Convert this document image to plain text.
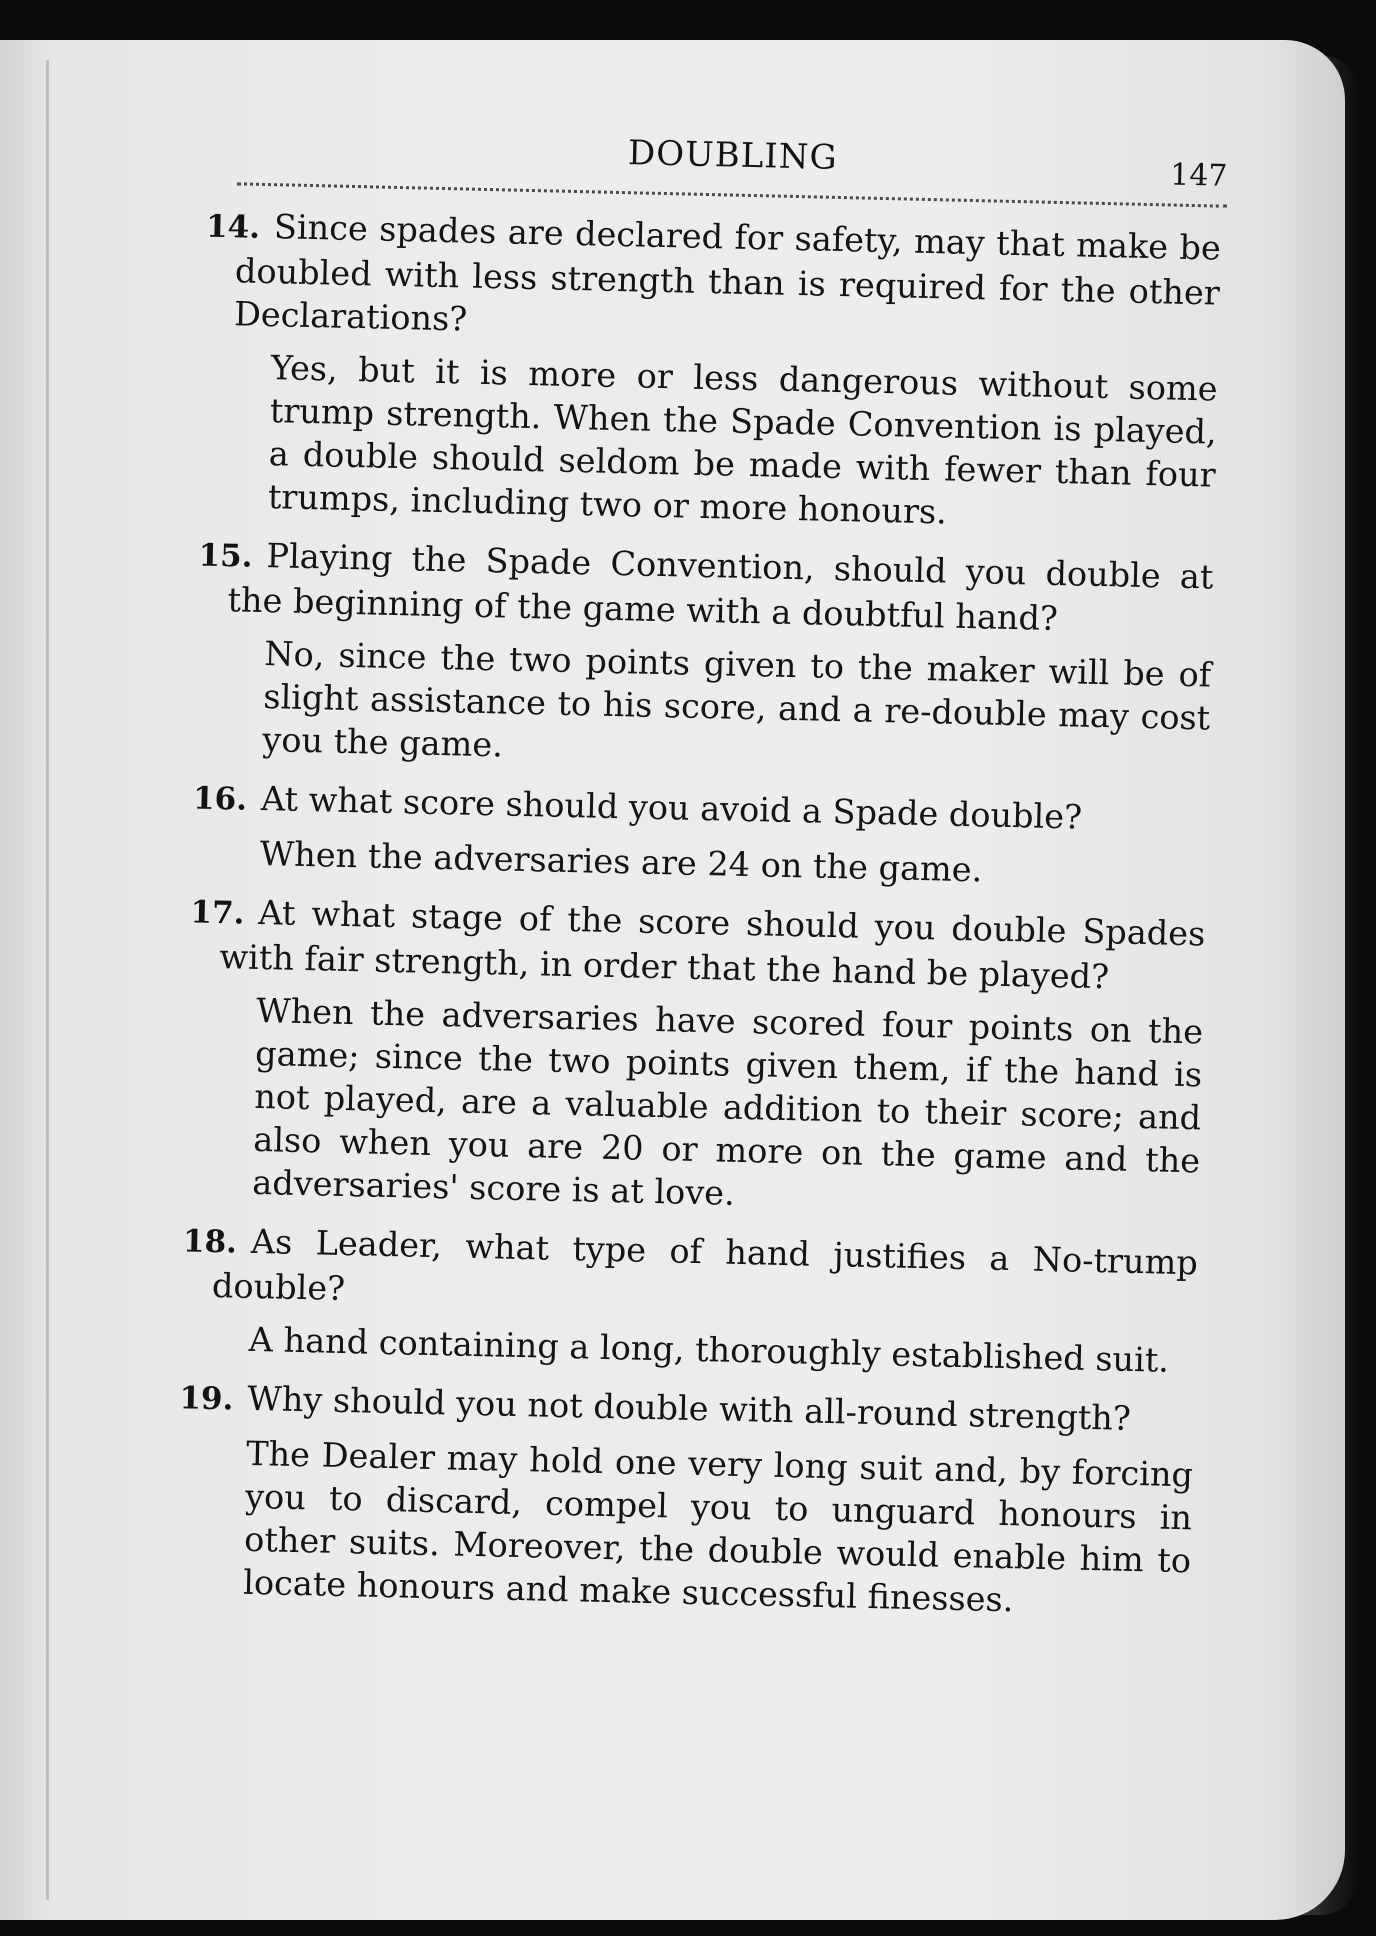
DOUBLING	147
14. Since spades are declared for safety, may that make be doubled with less strength than is required for the other Declarations?
Yes, but it is more or less dangerous without some trump strength. When the Spade Convention is played, a double should seldom be made with fewer than four trumps, including two or more honours.
15. Playing the Spade Convention, should you double at the beginning of the game with a doubtful hand?
No, since the two points given to the maker will be of slight assistance to his score, and a re-double may cost you the game.
16. At what score should you avoid a Spade double?
When the adversaries are 24 on the game.
17. At what stage of the score should you double Spades with fair strength, in order that the hand be played?
When the adversaries have scored four points on the game; since the two points given them, if the hand is not played, are a valuable addition to their score; and also when you are 20 or more on the game and the adversaries' score is at love.
18. As Leader, what type of hand justifies a No-trump double?
A hand containing a long, thoroughly established suit.
19. Why should you not double with all-round strength?
The Dealer may hold one very long suit and, by forcing you to discard, compel you to unguard honours in other suits. Moreover, the double would enable him to locate honours and make successful finesses.
